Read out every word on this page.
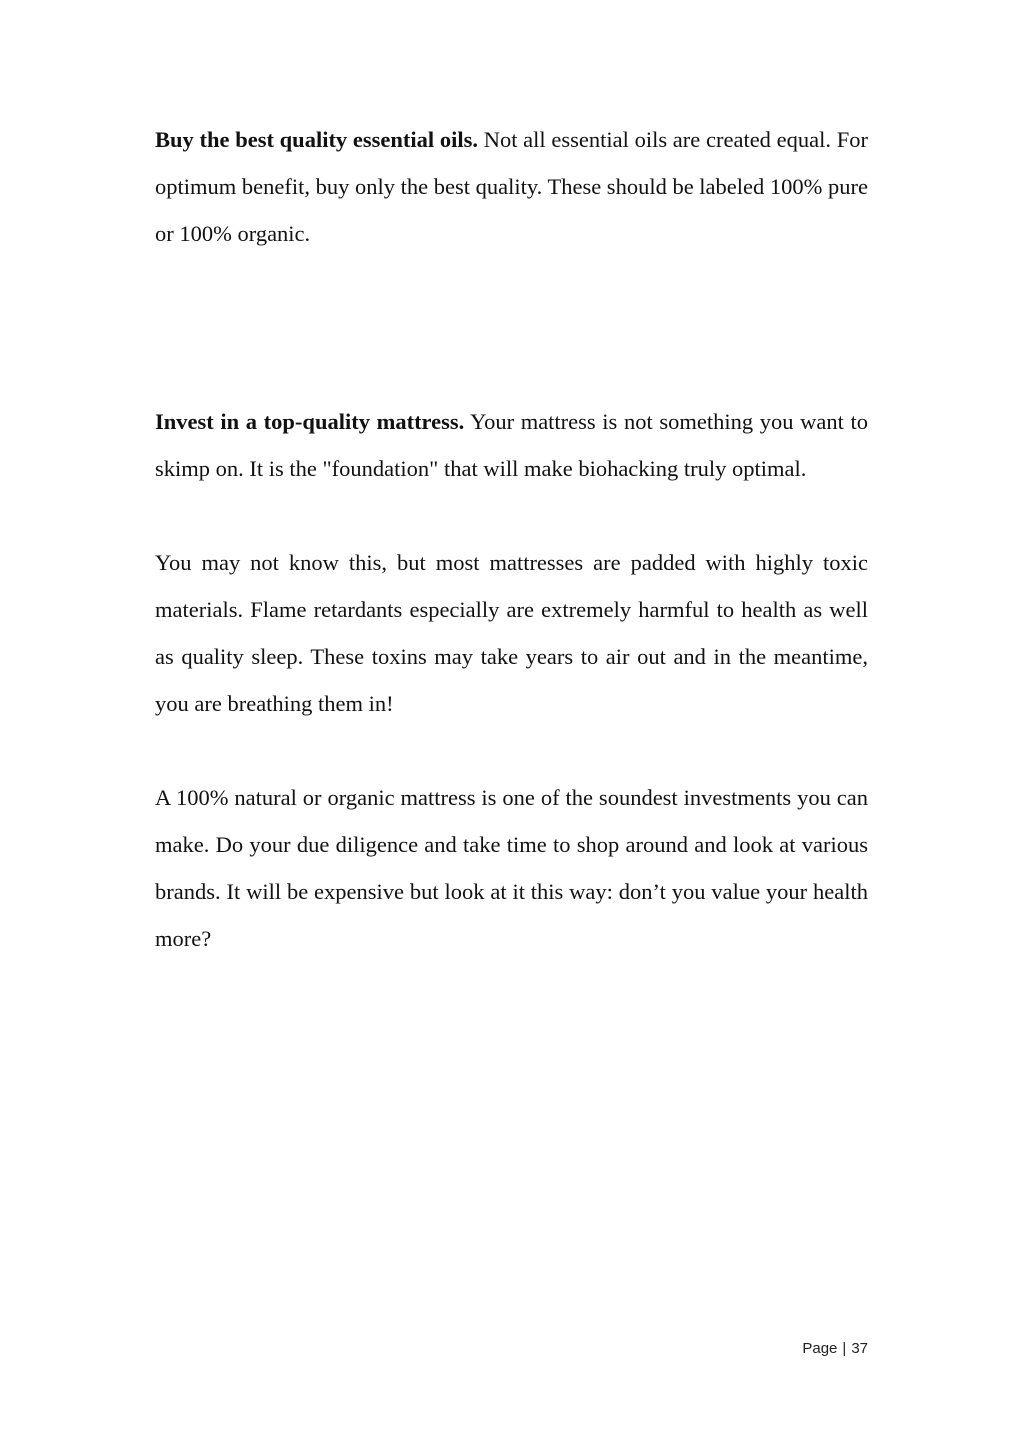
Buy the best quality essential oils. Not all essential oils are created equal. For optimum benefit, buy only the best quality. These should be labeled 100% pure or 100% organic.

Invest in a top-quality mattress. Your mattress is not something you want to skimp on. It is the "foundation" that will make biohacking truly optimal.

You may not know this, but most mattresses are padded with highly toxic materials. Flame retardants especially are extremely harmful to health as well as quality sleep. These toxins may take years to air out and in the meantime, you are breathing them in!

A 100% natural or organic mattress is one of the soundest investments you can make. Do your due diligence and take time to shop around and look at various brands. It will be expensive but look at it this way: don’t you value your health more?

Page | 37
